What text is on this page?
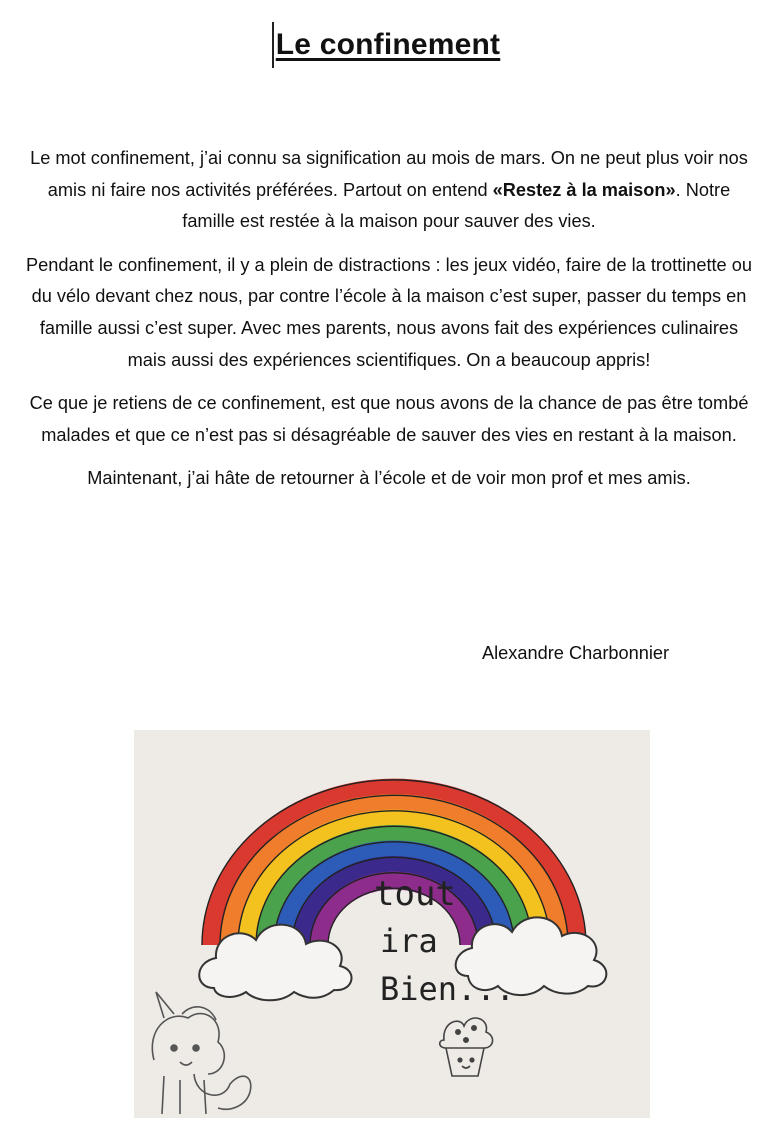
Le confinement

Le mot confinement, j’ai connu sa signification au mois de mars. On ne peut plus voir nos amis ni faire nos activités préférées. Partout on entend «Restez à la maison». Notre famille est restée à la maison pour sauver des vies.

Pendant le confinement, il y a plein de distractions : les jeux vidéo, faire de la trottinette ou du vélo devant chez nous, par contre l’école à la maison c’est super, passer du temps en famille aussi c’est super. Avec mes parents, nous avons fait des expériences culinaires mais aussi des expériences scientifiques. On a beaucoup appris!

Ce que je retiens de ce confinement, est que nous avons de la chance de pas être tombé malades et que ce n’est pas si désagréable de sauver des vies en restant à la maison.

Maintenant, j’ai hâte de retourner à l’école et de voir mon prof et mes amis.

Alexandre Charbonnier
tout
ira
Bien...
